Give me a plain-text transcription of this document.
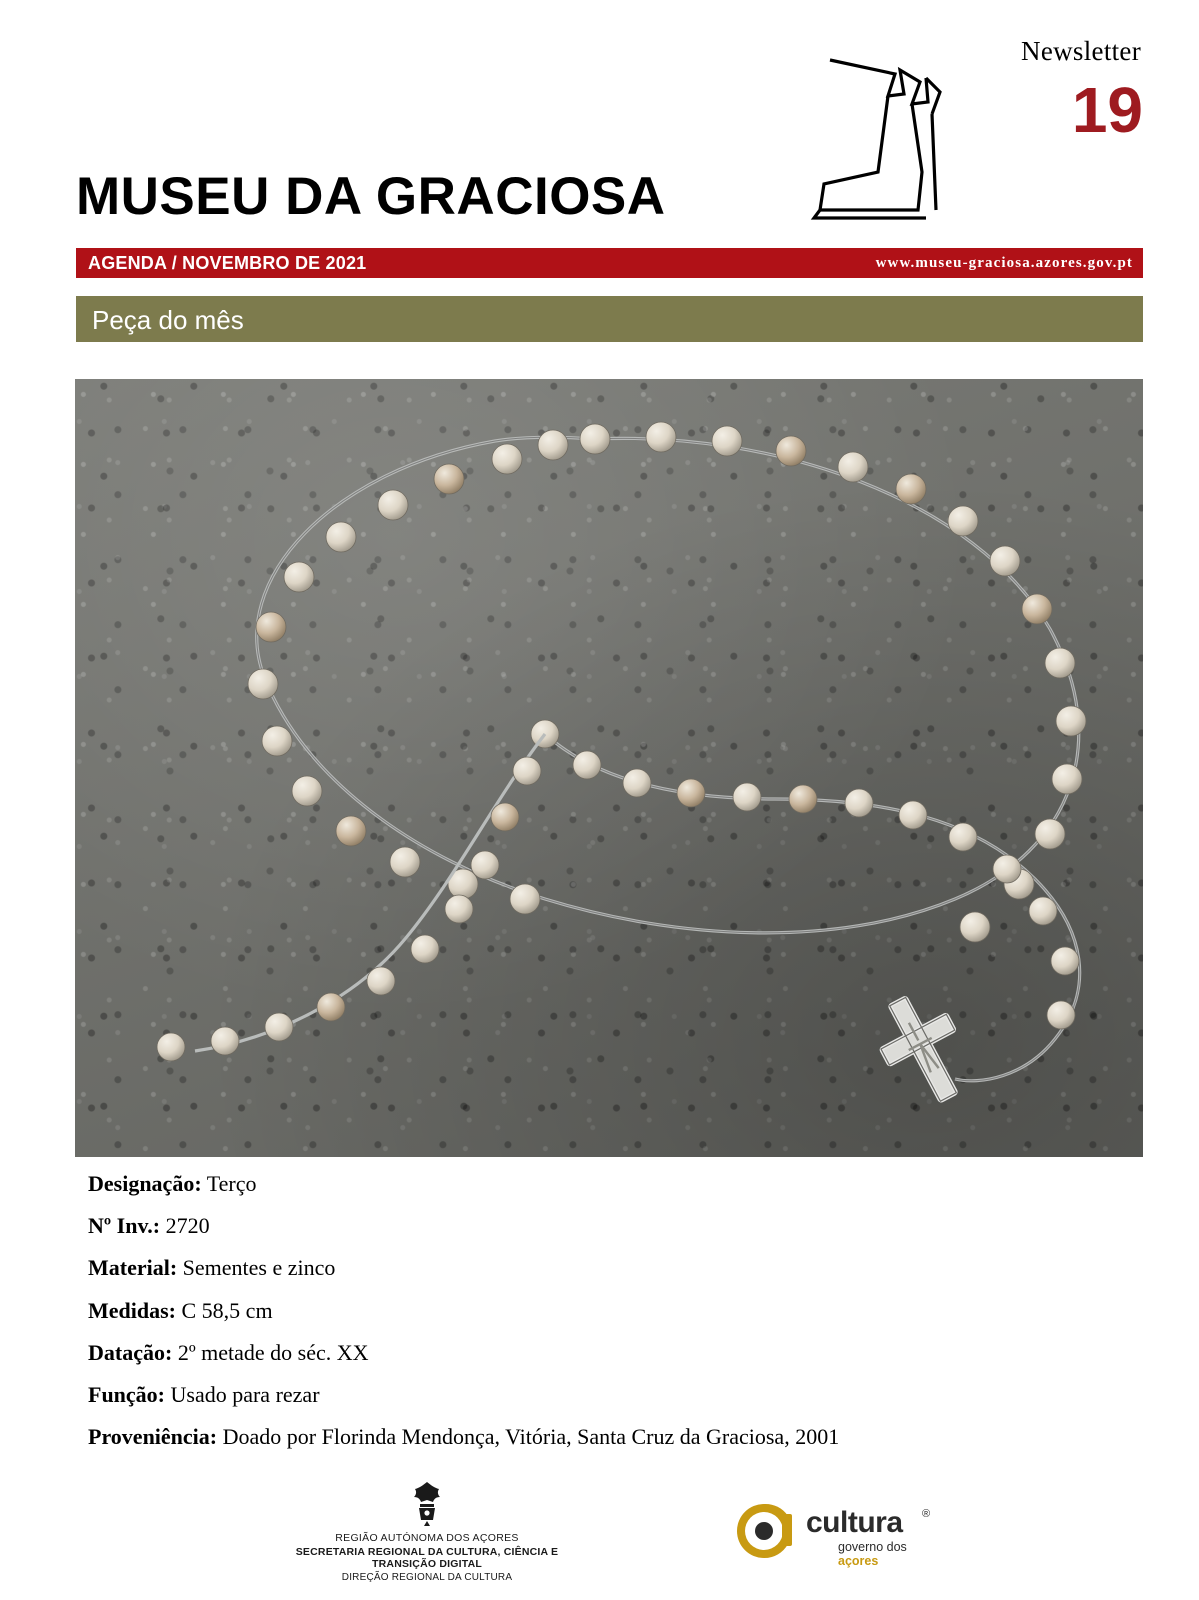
Newsletter
19
MUSEU DA GRACIOSA
AGENDA / NOVEMBRO DE 2021	www.museu-graciosa.azores.gov.pt
Peça do mês
Designação: Terço
Nº Inv.: 2720
Material: Sementes e zinco
Medidas: C 58,5 cm
Datação: 2º metade do séc. XX
Função: Usado para rezar
Proveniência: Doado por Florinda Mendonça, Vitória, Santa Cruz da Graciosa, 2001
REGIÃO AUTÓNOMA DOS AÇORES
SECRETARIA REGIONAL DA CULTURA, CIÊNCIA E TRANSIÇÃO DIGITAL
DIREÇÃO REGIONAL DA CULTURA
cultura ®
governo dos açores
